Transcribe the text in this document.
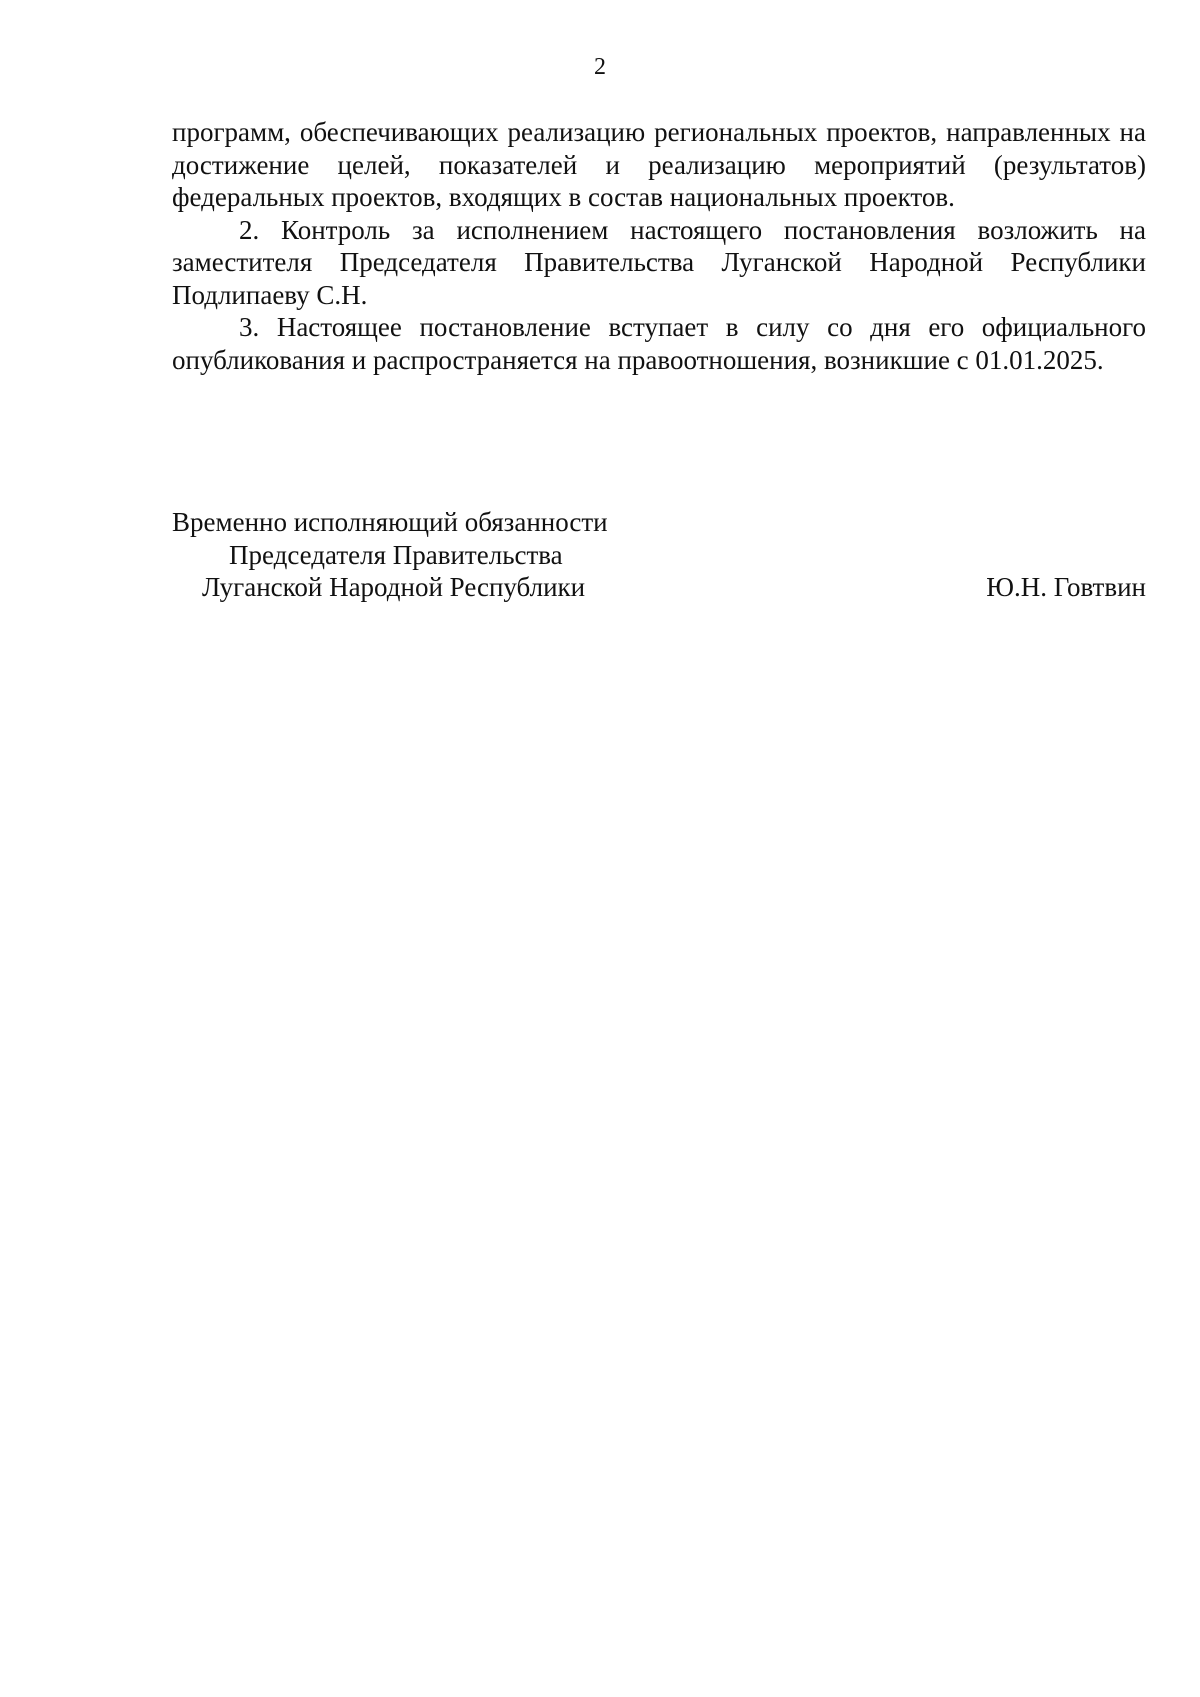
2

программ, обеспечивающих реализацию региональных проектов, направленных на достижение целей, показателей и реализацию мероприятий (результатов) федеральных проектов, входящих в состав национальных проектов.

2. Контроль за исполнением настоящего постановления возложить на заместителя Председателя Правительства Луганской Народной Республики Подлипаеву С.Н.

3. Настоящее постановление вступает в силу со дня его официального опубликования и распространяется на правоотношения, возникшие с 01.01.2025.

Временно исполняющий обязанности
Председателя Правительства
Луганской Народной Республики	Ю.Н. Говтвин
